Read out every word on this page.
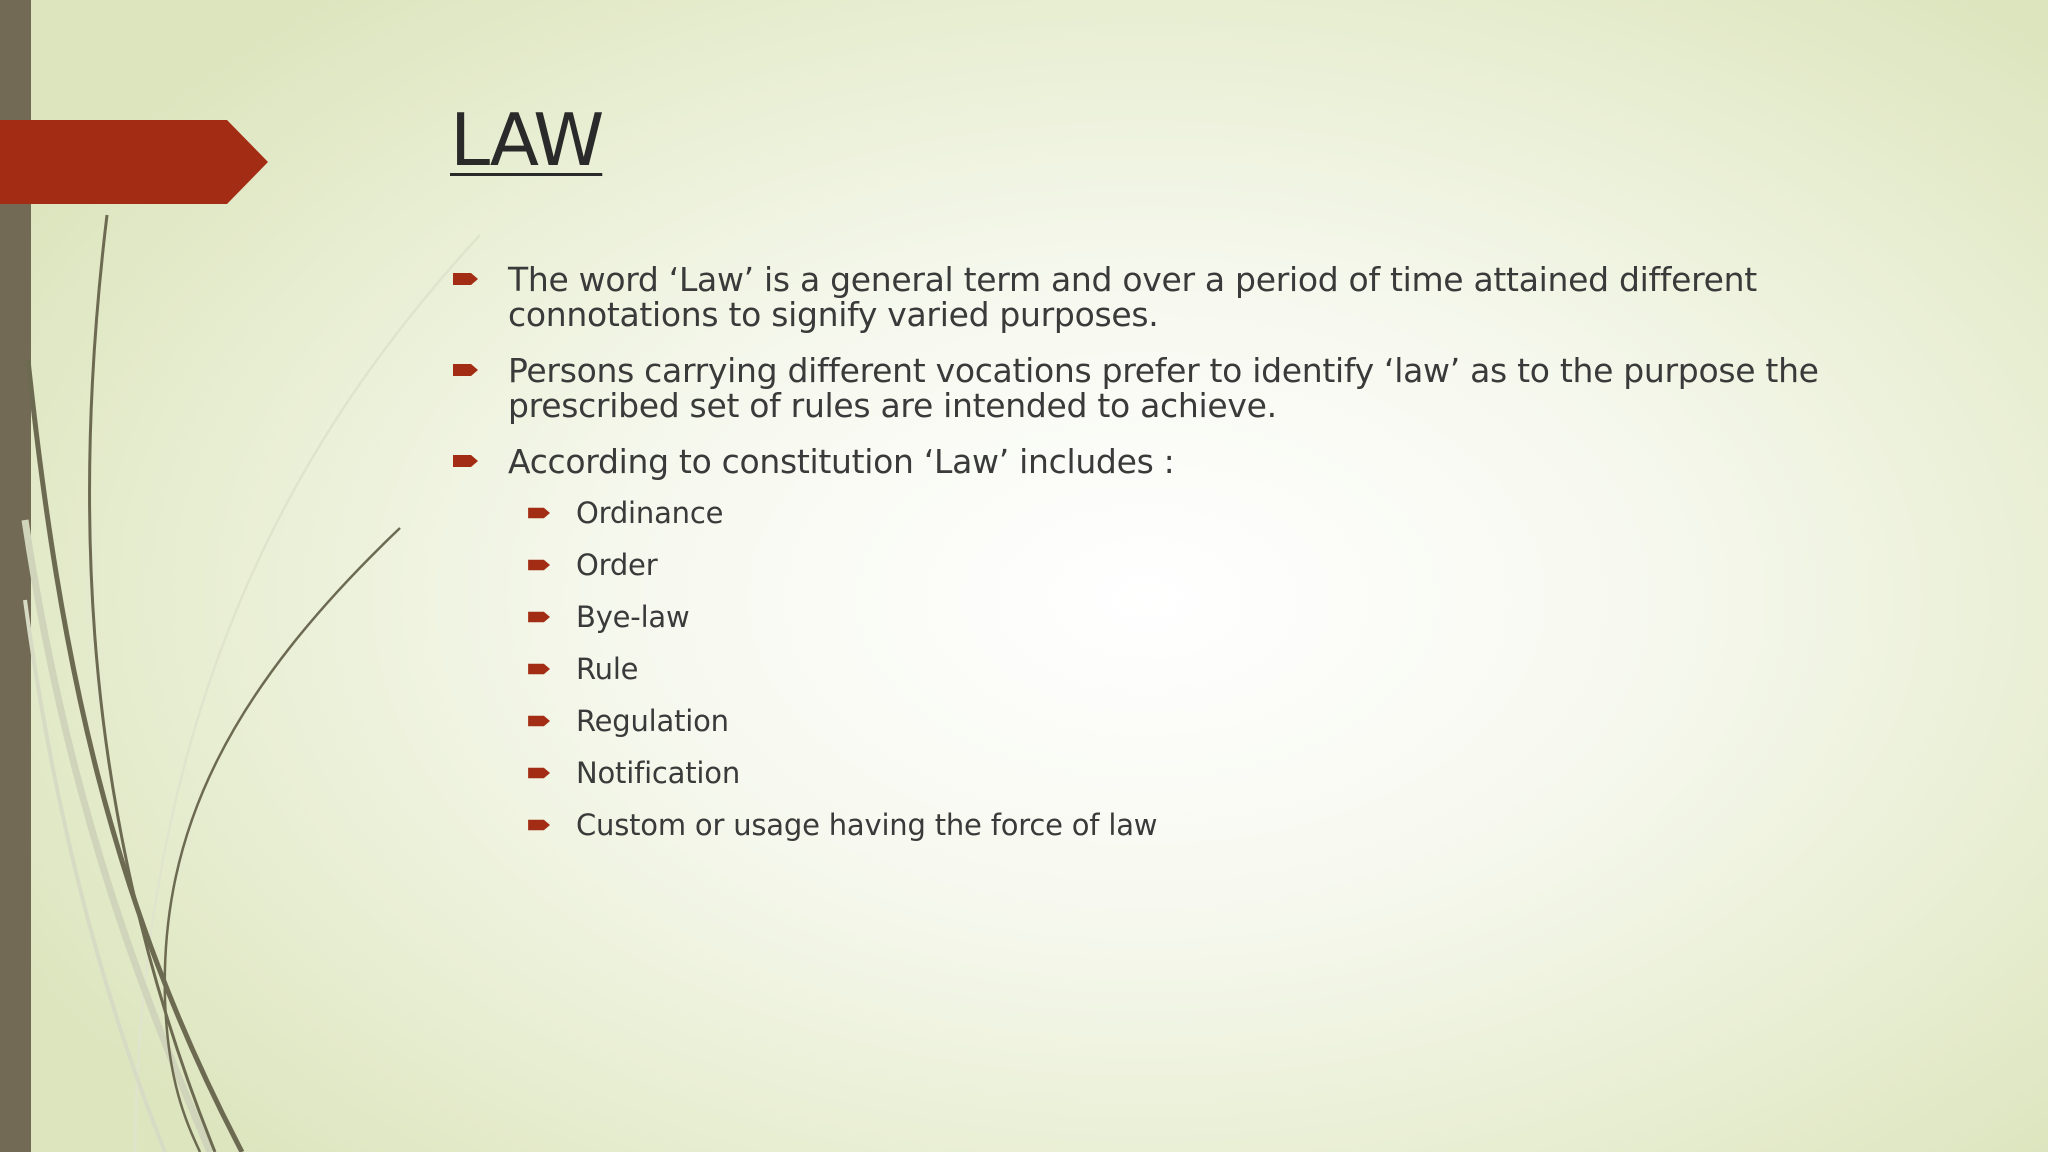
LAW
The word ‘Law’ is a general term and over a period of time attained different connotations to signify varied purposes.
Persons carrying different vocations prefer to identify ‘law’ as to the purpose the prescribed set of rules are intended to achieve.
According to constitution ‘Law’ includes :
Ordinance
Order
Bye-law
Rule
Regulation
Notification
Custom or usage having the force of law
